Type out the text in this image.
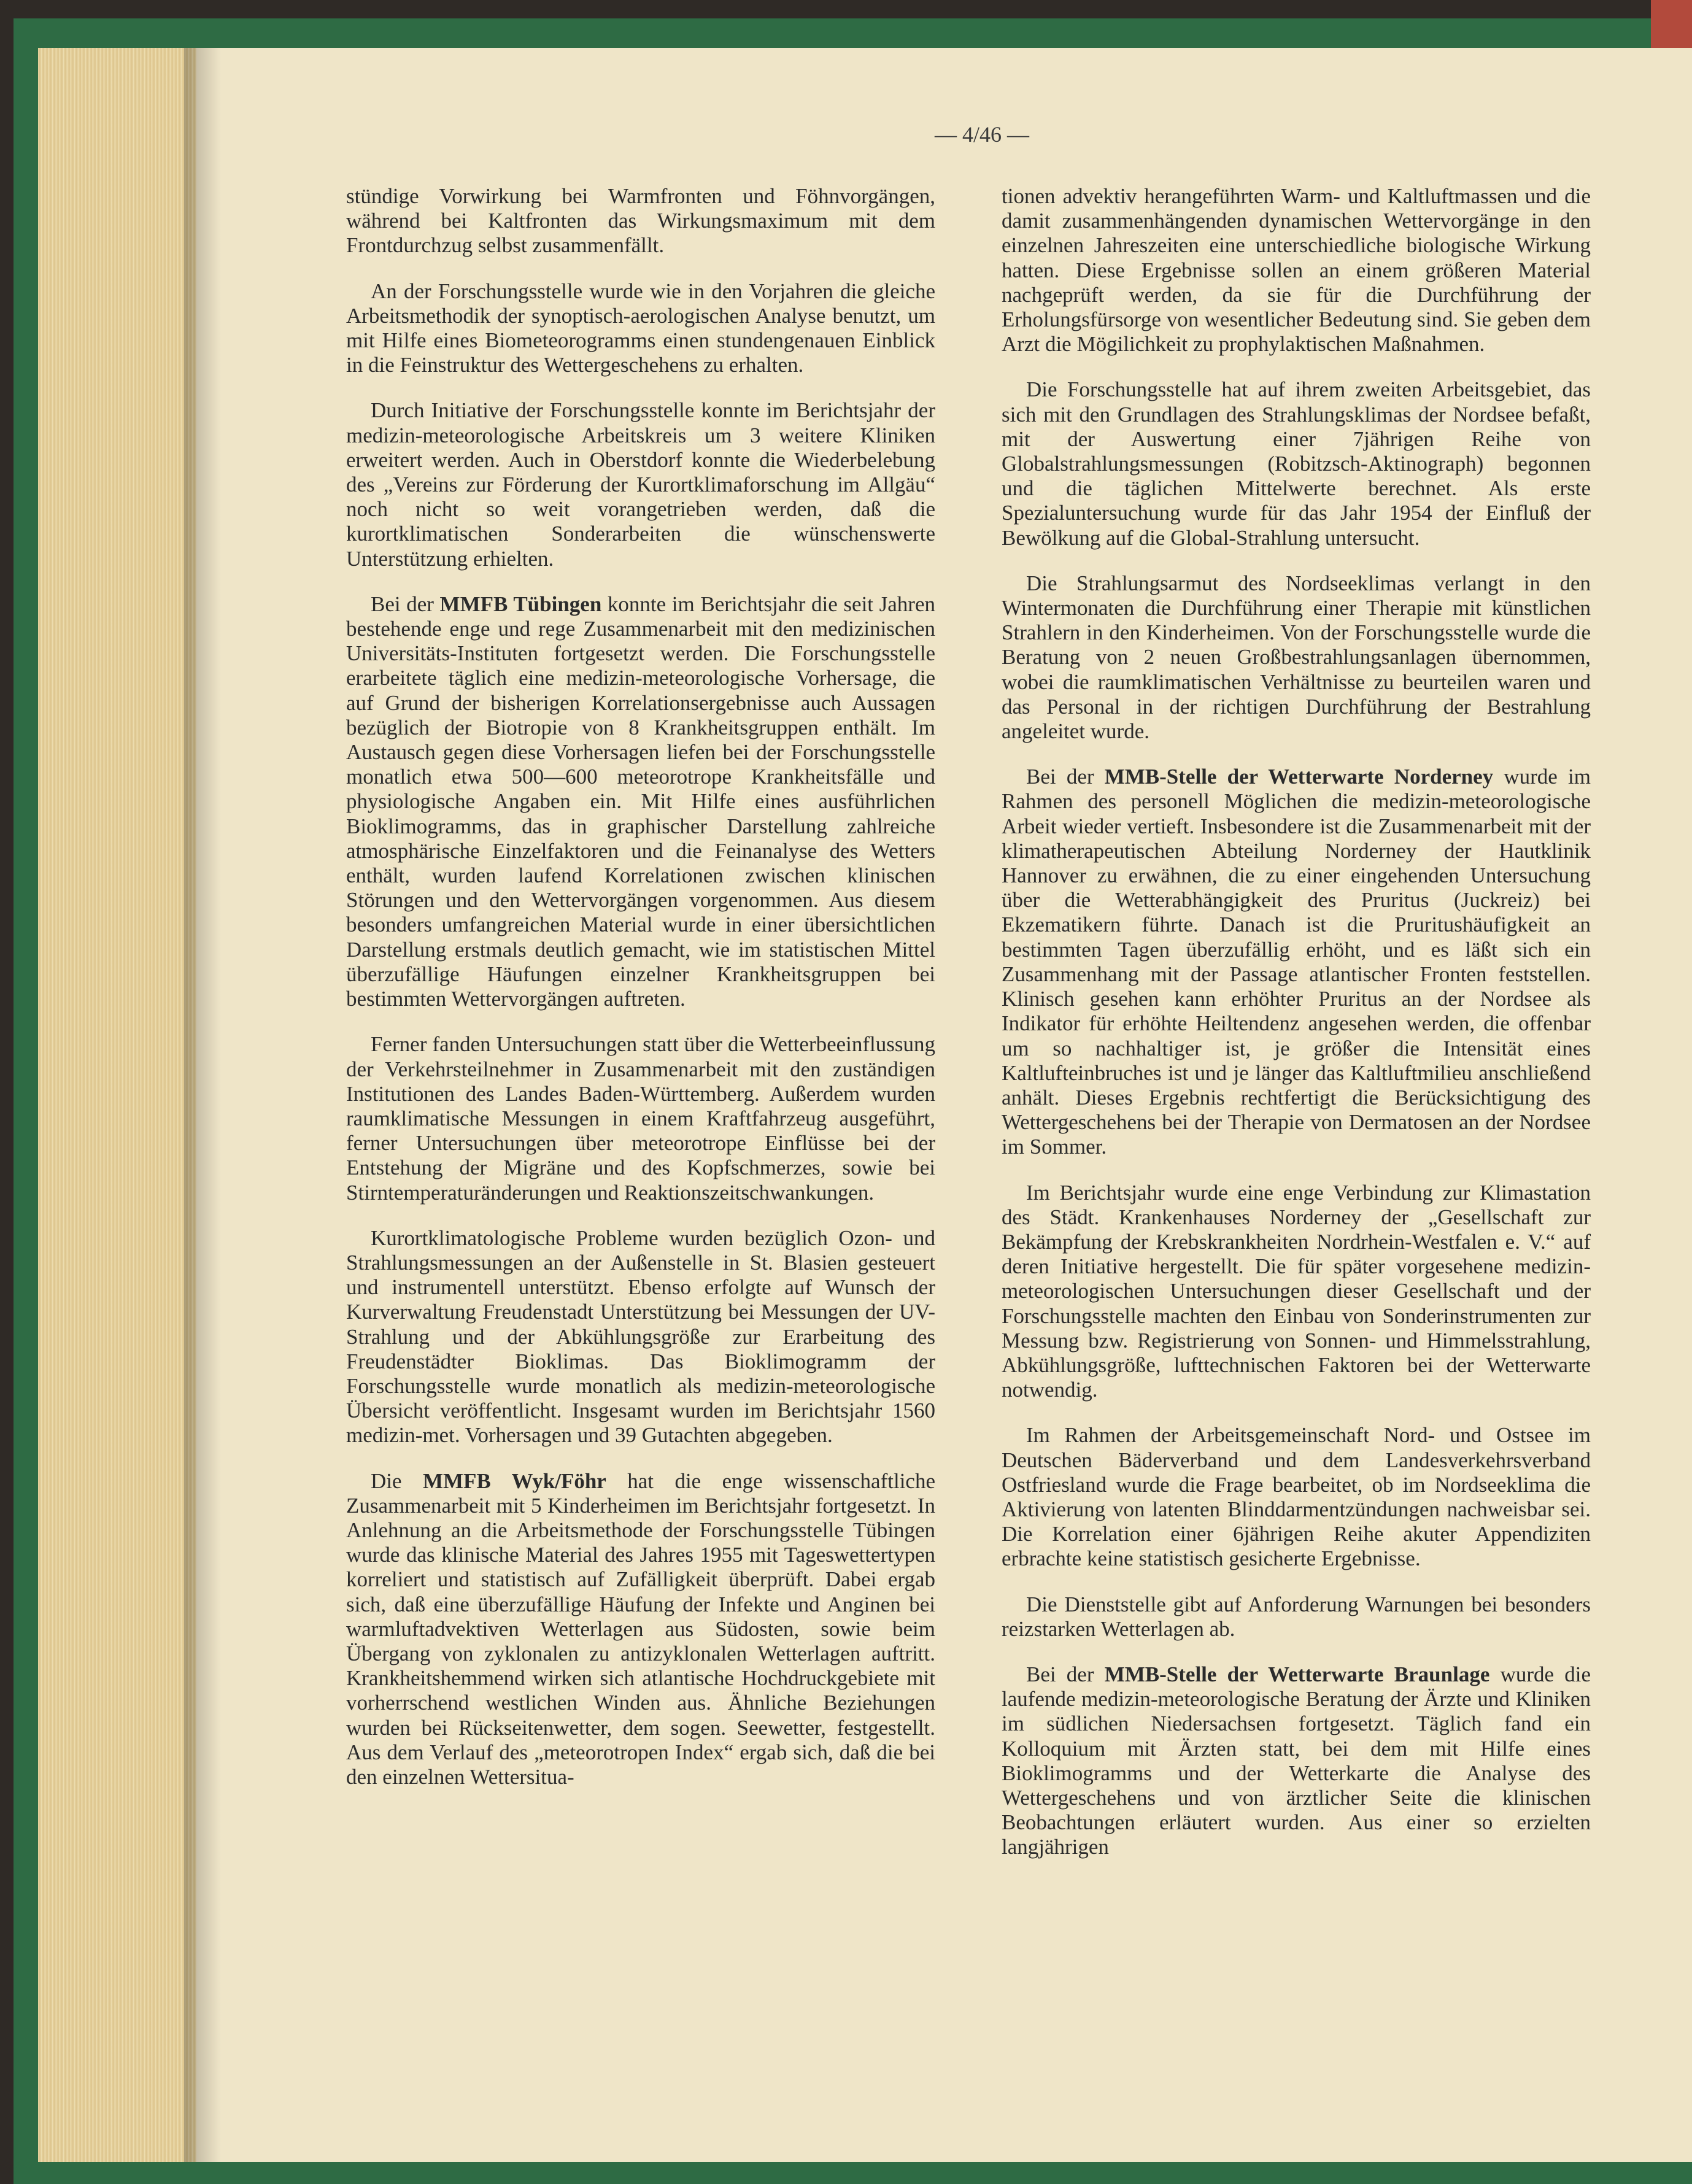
— 4/46 —

stündige Vorwirkung bei Warmfronten und Föhnvorgängen, während bei Kaltfronten das Wirkungsmaximum mit dem Frontdurchzug selbst zusammenfällt.

An der Forschungsstelle wurde wie in den Vorjahren die gleiche Arbeitsmethodik der synoptisch-aerologischen Analyse benutzt, um mit Hilfe eines Biometeorogramms einen stundengenauen Einblick in die Feinstruktur des Wettergeschehens zu erhalten.

Durch Initiative der Forschungsstelle konnte im Berichtsjahr der medizin-meteorologische Arbeitskreis um 3 weitere Kliniken erweitert werden. Auch in Oberstdorf konnte die Wiederbelebung des „Vereins zur Förderung der Kurortklimaforschung im Allgäu“ noch nicht so weit vorangetrieben werden, daß die kurortklimatischen Sonderarbeiten die wünschenswerte Unterstützung erhielten.

Bei der MMFB Tübingen konnte im Berichtsjahr die seit Jahren bestehende enge und rege Zusammenarbeit mit den medizinischen Universitäts-Instituten fortgesetzt werden. Die Forschungsstelle erarbeitete täglich eine medizin-meteorologische Vorhersage, die auf Grund der bisherigen Korrelationsergebnisse auch Aussagen bezüglich der Biotropie von 8 Krankheitsgruppen enthält. Im Austausch gegen diese Vorhersagen liefen bei der Forschungsstelle monatlich etwa 500—600 meteorotrope Krankheitsfälle und physiologische Angaben ein. Mit Hilfe eines ausführlichen Bioklimogramms, das in graphischer Darstellung zahlreiche atmosphärische Einzelfaktoren und die Feinanalyse des Wetters enthält, wurden laufend Korrelationen zwischen klinischen Störungen und den Wettervorgängen vorgenommen. Aus diesem besonders umfangreichen Material wurde in einer übersichtlichen Darstellung erstmals deutlich gemacht, wie im statistischen Mittel überzufällige Häufungen einzelner Krankheitsgruppen bei bestimmten Wettervorgängen auftreten.

Ferner fanden Untersuchungen statt über die Wetterbeeinflussung der Verkehrsteilnehmer in Zusammenarbeit mit den zuständigen Institutionen des Landes Baden-Württemberg. Außerdem wurden raumklimatische Messungen in einem Kraftfahrzeug ausgeführt, ferner Untersuchungen über meteorotrope Einflüsse bei der Entstehung der Migräne und des Kopfschmerzes, sowie bei Stirntemperaturänderungen und Reaktionszeitschwankungen.

Kurortklimatologische Probleme wurden bezüglich Ozon- und Strahlungsmessungen an der Außenstelle in St. Blasien gesteuert und instrumentell unterstützt. Ebenso erfolgte auf Wunsch der Kurverwaltung Freudenstadt Unterstützung bei Messungen der UV-Strahlung und der Abkühlungsgröße zur Erarbeitung des Freudenstädter Bioklimas. Das Bioklimogramm der Forschungsstelle wurde monatlich als medizin-meteorologische Übersicht veröffentlicht. Insgesamt wurden im Berichtsjahr 1560 medizin-met. Vorhersagen und 39 Gutachten abgegeben.

Die MMFB Wyk/Föhr hat die enge wissenschaftliche Zusammenarbeit mit 5 Kinderheimen im Berichtsjahr fortgesetzt. In Anlehnung an die Arbeitsmethode der Forschungsstelle Tübingen wurde das klinische Material des Jahres 1955 mit Tageswettertypen korreliert und statistisch auf Zufälligkeit überprüft. Dabei ergab sich, daß eine überzufällige Häufung der Infekte und Anginen bei warmluftadvektiven Wetterlagen aus Südosten, sowie beim Übergang von zyklonalen zu antizyklonalen Wetterlagen auftritt. Krankheitshemmend wirken sich atlantische Hochdruckgebiete mit vorherrschend westlichen Winden aus. Ähnliche Beziehungen wurden bei Rückseitenwetter, dem sogen. Seewetter, festgestellt. Aus dem Verlauf des „meteorotropen Index“ ergab sich, daß die bei den einzelnen Wettersitua-

tionen advektiv herangeführten Warm- und Kaltluftmassen und die damit zusammenhängenden dynamischen Wettervorgänge in den einzelnen Jahreszeiten eine unterschiedliche biologische Wirkung hatten. Diese Ergebnisse sollen an einem größeren Material nachgeprüft werden, da sie für die Durchführung der Erholungsfürsorge von wesentlicher Bedeutung sind. Sie geben dem Arzt die Mögilichkeit zu prophylaktischen Maßnahmen.

Die Forschungsstelle hat auf ihrem zweiten Arbeitsgebiet, das sich mit den Grundlagen des Strahlungsklimas der Nordsee befaßt, mit der Auswertung einer 7jährigen Reihe von Globalstrahlungsmessungen (Robitzsch-Aktinograph) begonnen und die täglichen Mittelwerte berechnet. Als erste Spezialuntersuchung wurde für das Jahr 1954 der Einfluß der Bewölkung auf die Global-Strahlung untersucht.

Die Strahlungsarmut des Nordseeklimas verlangt in den Wintermonaten die Durchführung einer Therapie mit künstlichen Strahlern in den Kinderheimen. Von der Forschungsstelle wurde die Beratung von 2 neuen Großbestrahlungsanlagen übernommen, wobei die raumklimatischen Verhältnisse zu beurteilen waren und das Personal in der richtigen Durchführung der Bestrahlung angeleitet wurde.

Bei der MMB-Stelle der Wetterwarte Norderney wurde im Rahmen des personell Möglichen die medizin-meteorologische Arbeit wieder vertieft. Insbesondere ist die Zusammenarbeit mit der klimatherapeutischen Abteilung Norderney der Hautklinik Hannover zu erwähnen, die zu einer eingehenden Untersuchung über die Wetterabhängigkeit des Pruritus (Juckreiz) bei Ekzematikern führte. Danach ist die Pruritushäufigkeit an bestimmten Tagen überzufällig erhöht, und es läßt sich ein Zusammenhang mit der Passage atlantischer Fronten feststellen. Klinisch gesehen kann erhöhter Pruritus an der Nordsee als Indikator für erhöhte Heiltendenz angesehen werden, die offenbar um so nachhaltiger ist, je größer die Intensität eines Kaltlufteinbruches ist und je länger das Kaltluftmilieu anschließend anhält. Dieses Ergebnis rechtfertigt die Berücksichtigung des Wettergeschehens bei der Therapie von Dermatosen an der Nordsee im Sommer.

Im Berichtsjahr wurde eine enge Verbindung zur Klimastation des Städt. Krankenhauses Norderney der „Gesellschaft zur Bekämpfung der Krebskrankheiten Nordrhein-Westfalen e. V.“ auf deren Initiative hergestellt. Die für später vorgesehene medizin-meteorologischen Untersuchungen dieser Gesellschaft und der Forschungsstelle machten den Einbau von Sonderinstrumenten zur Messung bzw. Registrierung von Sonnen- und Himmelsstrahlung, Abkühlungsgröße, lufttechnischen Faktoren bei der Wetterwarte notwendig.

Im Rahmen der Arbeitsgemeinschaft Nord- und Ostsee im Deutschen Bäderverband und dem Landesverkehrsverband Ostfriesland wurde die Frage bearbeitet, ob im Nordseeklima die Aktivierung von latenten Blinddarmentzündungen nachweisbar sei. Die Korrelation einer 6jährigen Reihe akuter Appendiziten erbrachte keine statistisch gesicherte Ergebnisse.

Die Dienststelle gibt auf Anforderung Warnungen bei besonders reizstarken Wetterlagen ab.

Bei der MMB-Stelle der Wetterwarte Braunlage wurde die laufende medizin-meteorologische Beratung der Ärzte und Kliniken im südlichen Niedersachsen fortgesetzt. Täglich fand ein Kolloquium mit Ärzten statt, bei dem mit Hilfe eines Bioklimogramms und der Wetterkarte die Analyse des Wettergeschehens und von ärztlicher Seite die klinischen Beobachtungen erläutert wurden. Aus einer so erzielten langjährigen
